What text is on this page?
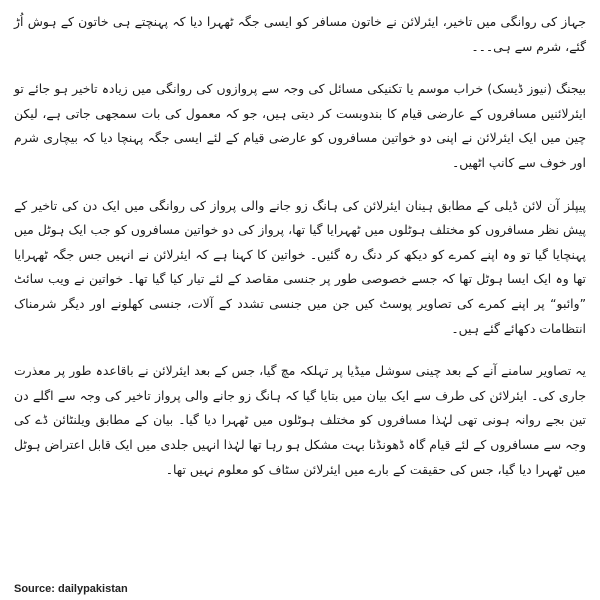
جہاز کی روانگی میں تاخیر، ایئرلائن نے خاتون مسافر کو ایسی جگہ ٹھہرا دیا کہ پہنچتے ہی خاتون کے ہوش اُڑ گئے، شرم سے ہی۔۔۔

بیجنگ (نیوز ڈیسک) خراب موسم یا تکنیکی مسائل کی وجہ سے پروازوں کی روانگی میں زیادہ تاخیر ہو جائے تو ایئرلائنیں مسافروں کے عارضی قیام کا بندوبست کر دیتی ہیں، جو کہ معمول کی بات سمجھی جاتی ہے، لیکن چین میں ایک ایئرلائن نے اپنی دو خواتین مسافروں کو عارضی قیام کے لئے ایسی جگہ پہنچا دیا کہ بیچاری شرم اور خوف سے کانپ اٹھیں۔

پیپلز آن لائن ڈیلی کے مطابق ہینان ایئرلائن کی ہانگ زو جانے والی پرواز کی روانگی میں ایک دن کی تاخیر کے پیش نظر مسافروں کو مختلف ہوٹلوں میں ٹھہرایا گیا تھا، پرواز کی دو خواتین مسافروں کو جب ایک ہوٹل میں پہنچایا گیا تو وہ اپنے کمرے کو دیکھ کر دنگ رہ گئیں۔ خواتین کا کہنا ہے کہ ایئرلائن نے انہیں جس جگہ ٹھہرایا تھا وہ ایک ایسا ہوٹل تھا کہ جسے خصوصی طور پر جنسی مقاصد کے لئے تیار کیا گیا تھا۔ خواتین نے ویب سائٹ ”وائبو“ پر اپنے کمرے کی تصاویر پوسٹ کیں جن میں جنسی تشدد کے آلات، جنسی کھلونے اور دیگر شرمناک انتظامات دکھائے گئے ہیں۔

یہ تصاویر سامنے آنے کے بعد چینی سوشل میڈیا پر تہلکہ مچ گیا، جس کے بعد ایئرلائن نے باقاعدہ طور پر معذرت جاری کی۔ ایئرلائن کی طرف سے ایک بیان میں بتایا گیا کہ ہانگ زو جانے والی پرواز تاخیر کی وجہ سے اگلے دن تین بجے روانہ ہونی تھی لہٰذا مسافروں کو مختلف ہوٹلوں میں ٹھہرا دیا گیا۔ بیان کے مطابق ویلنٹائن ڈے کی وجہ سے مسافروں کے لئے قیام گاہ ڈھونڈنا بہت مشکل ہو رہا تھا لہٰذا انہیں جلدی میں ایک قابل اعتراض ہوٹل میں ٹھہرا دیا گیا، جس کی حقیقت کے بارے میں ایئرلائن سٹاف کو معلوم نہیں تھا۔

Source: dailypakistan
